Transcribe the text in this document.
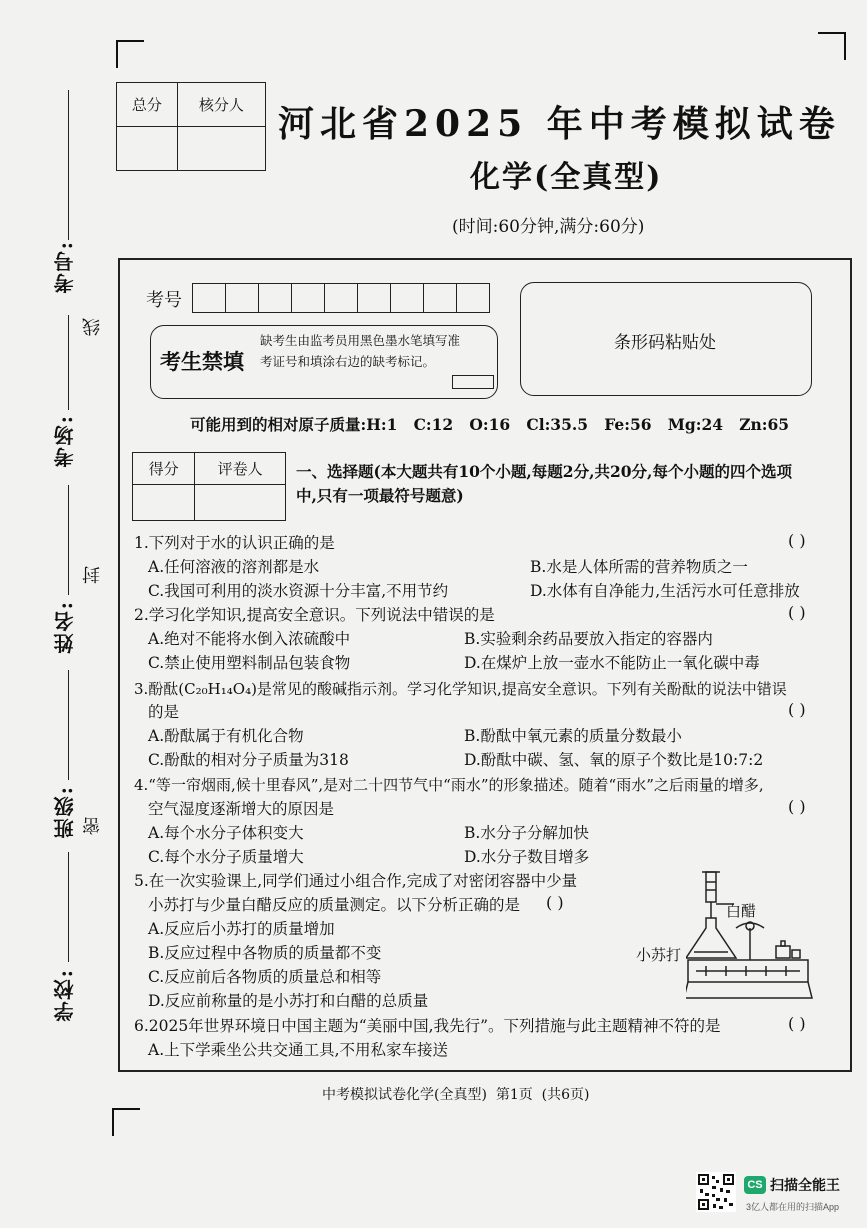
考号:
考场:
姓名:
班级:
学校:
线
封
密
总分	核分人
	河北省2025 年中考模拟试卷
化学(全真型)
(时间:60分钟,满分:60分)
考号
考生禁填
缺考生由监考员用黑色墨水笔填写准考证号和填涂右边的缺考标记。
条形码粘贴处
可能用到的相对原子质量:H:1   C:12   O:16   Cl:35.5   Fe:56   Mg:24   Zn:65
得分	评卷人
	一、选择题(本大题共有10个小题,每题2分,共20分,每个小题的四个选项
中,只有一项最符号题意)
1.下列对于水的认识正确的是	( )
A.任何溶液的溶剂都是水	B.水是人体所需的营养物质之一
C.我国可利用的淡水资源十分丰富,不用节约	D.水体有自净能力,生活污水可任意排放
2.学习化学知识,提高安全意识。下列说法中错误的是	( )
A.绝对不能将水倒入浓硫酸中	B.实验剩余药品要放入指定的容器内
C.禁止使用塑料制品包装食物	D.在煤炉上放一壶水不能防止一氧化碳中毒
3.酚酞(C₂₀H₁₄O₄)是常见的酸碱指示剂。学习化学知识,提高安全意识。下列有关酚酞的说法中错误
的是	( )
A.酚酞属于有机化合物	B.酚酞中氧元素的质量分数最小
C.酚酞的相对分子质量为318	D.酚酞中碳、氢、氧的原子个数比是10:7:2
4.“等一帘烟雨,候十里春风”,是对二十四节气中“雨水”的形象描述。随着“雨水”之后雨量的增多,
空气湿度逐渐增大的原因是	( )
A.每个水分子体积变大	B.水分子分解加快
C.每个水分子质量增大	D.水分子数目增多
5.在一次实验课上,同学们通过小组合作,完成了对密闭容器中少量
小苏打与少量白醋反应的质量测定。以下分析正确的是 ( )
A.反应后小苏打的质量增加
B.反应过程中各物质的质量都不变
C.反应前后各物质的质量总和相等
D.反应前称量的是小苏打和白醋的总质量
白醋
小苏打
6.2025年世界环境日中国主题为“美丽中国,我先行”。下列措施与此主题精神不符的是	( )
A.上下学乘坐公共交通工具,不用私家车接送
中考模拟试卷化学(全真型)  第1页  (共6页)
CS 扫描全能王
3亿人都在用的扫描App
